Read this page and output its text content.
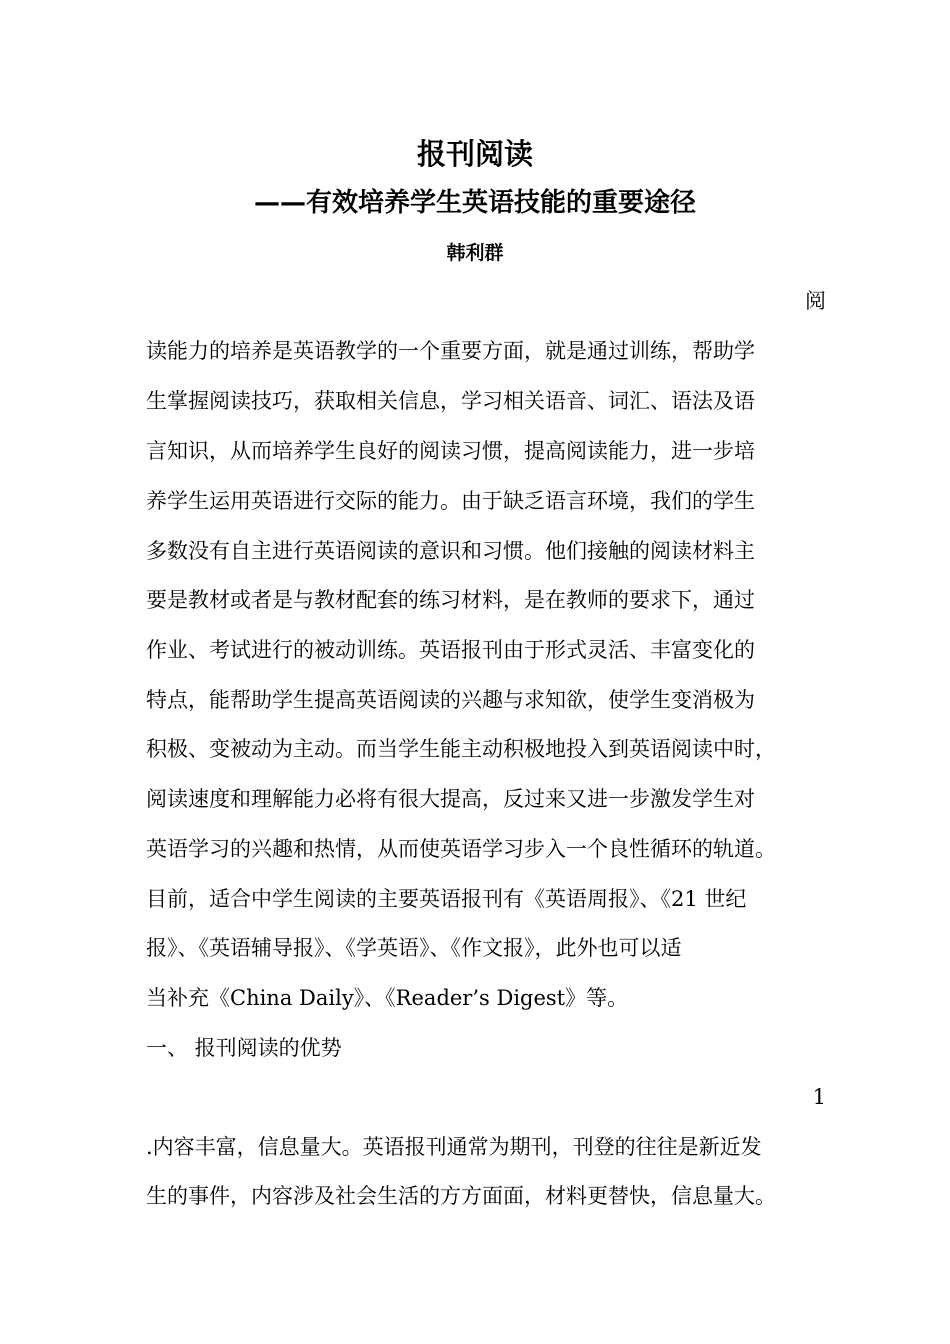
报刊阅读
——有效培养学生英语技能的重要途径
韩利群
阅
读能力的培养是英语教学的一个重要方面，就是通过训练，帮助学
生掌握阅读技巧，获取相关信息，学习相关语音、词汇、语法及语
言知识，从而培养学生良好的阅读习惯，提高阅读能力，进一步培
养学生运用英语进行交际的能力。由于缺乏语言环境，我们的学生
多数没有自主进行英语阅读的意识和习惯。他们接触的阅读材料主
要是教材或者是与教材配套的练习材料，是在教师的要求下，通过
作业、考试进行的被动训练。英语报刊由于形式灵活、丰富变化的
特点，能帮助学生提高英语阅读的兴趣与求知欲，使学生变消极为
积极、变被动为主动。而当学生能主动积极地投入到英语阅读中时，
阅读速度和理解能力必将有很大提高，反过来又进一步激发学生对
英语学习的兴趣和热情，从而使英语学习步入一个良性循环的轨道。
目前，适合中学生阅读的主要英语报刊有《英语周报》、《21 世纪
报》、《英语辅导报》、《学英语》、《作文报》，此外也可以适
当补充《China Daily》、《Reader’s Digest》等。
一、 报刊阅读的优势
1
.内容丰富，信息量大。英语报刊通常为期刊，刊登的往往是新近发
生的事件，内容涉及社会生活的方方面面，材料更替快，信息量大。
